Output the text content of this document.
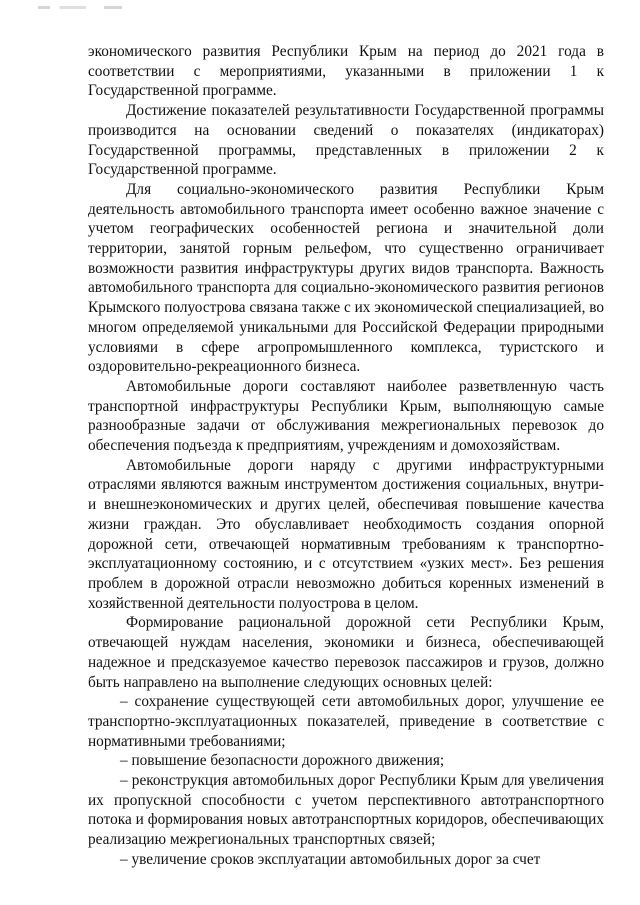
экономического развития Республики Крым на период до 2021 года в соответствии с мероприятиями, указанными в приложении 1 к Государственной программе.

Достижение показателей результативности Государственной программы производится на основании сведений о показателях (индикаторах) Государственной программы, представленных в приложении 2 к Государственной программе.

Для социально-экономического развития Республики Крым деятельность автомобильного транспорта имеет особенно важное значение с учетом географических особенностей региона и значительной доли территории, занятой горным рельефом, что существенно ограничивает возможности развития инфраструктуры других видов транспорта. Важность автомобильного транспорта для социально-экономического развития регионов Крымского полуострова связана также с их экономической специализацией, во многом определяемой уникальными для Российской Федерации природными условиями в сфере агропромышленного комплекса, туристского и оздоровительно-рекреационного бизнеса.

Автомобильные дороги составляют наиболее разветвленную часть транспортной инфраструктуры Республики Крым, выполняющую самые разнообразные задачи от обслуживания межрегиональных перевозок до обеспечения подъезда к предприятиям, учреждениям и домохозяйствам.

Автомобильные дороги наряду с другими инфраструктурными отраслями являются важным инструментом достижения социальных, внутри- и внешнеэкономических и других целей, обеспечивая повышение качества жизни граждан. Это обуславливает необходимость создания опорной дорожной сети, отвечающей нормативным требованиям к транспортно-эксплуатационному состоянию, и с отсутствием «узких мест». Без решения проблем в дорожной отрасли невозможно добиться коренных изменений в хозяйственной деятельности полуострова в целом.

Формирование рациональной дорожной сети Республики Крым, отвечающей нуждам населения, экономики и бизнеса, обеспечивающей надежное и предсказуемое качество перевозок пассажиров и грузов, должно быть направлено на выполнение следующих основных целей:

– сохранение существующей сети автомобильных дорог, улучшение ее транспортно-эксплуатационных показателей, приведение в соответствие с нормативными требованиями;

– повышение безопасности дорожного движения;

– реконструкция автомобильных дорог Республики Крым для увеличения их пропускной способности с учетом перспективного автотранспортного потока и формирования новых автотранспортных коридоров, обеспечивающих реализацию межрегиональных транспортных связей;

– увеличение сроков эксплуатации автомобильных дорог за счет
